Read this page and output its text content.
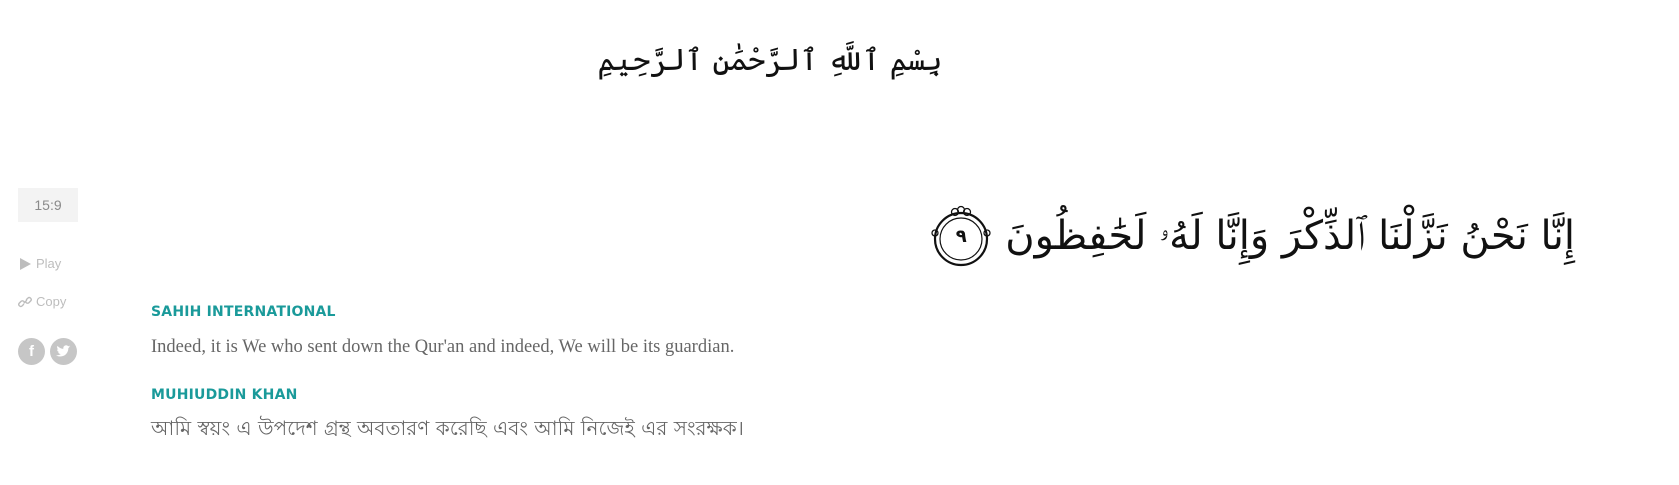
بِسْمِ ٱللَّهِ ٱلرَّحْمَٰنِ ٱلرَّحِيمِ
15:9
Play
Copy
f
إِنَّا نَحْنُ نَزَّلْنَا ٱلذِّكْرَ وَإِنَّا لَهُۥ لَحَٰفِظُونَ
٩
SAHIH INTERNATIONAL
Indeed, it is We who sent down the Qur'an and indeed, We will be its guardian.
MUHIUDDIN KHAN
আমি স্বয়ং এ উপদেশ গ্রন্থ অবতারণ করেছি এবং আমি নিজেই এর সংরক্ষক।
